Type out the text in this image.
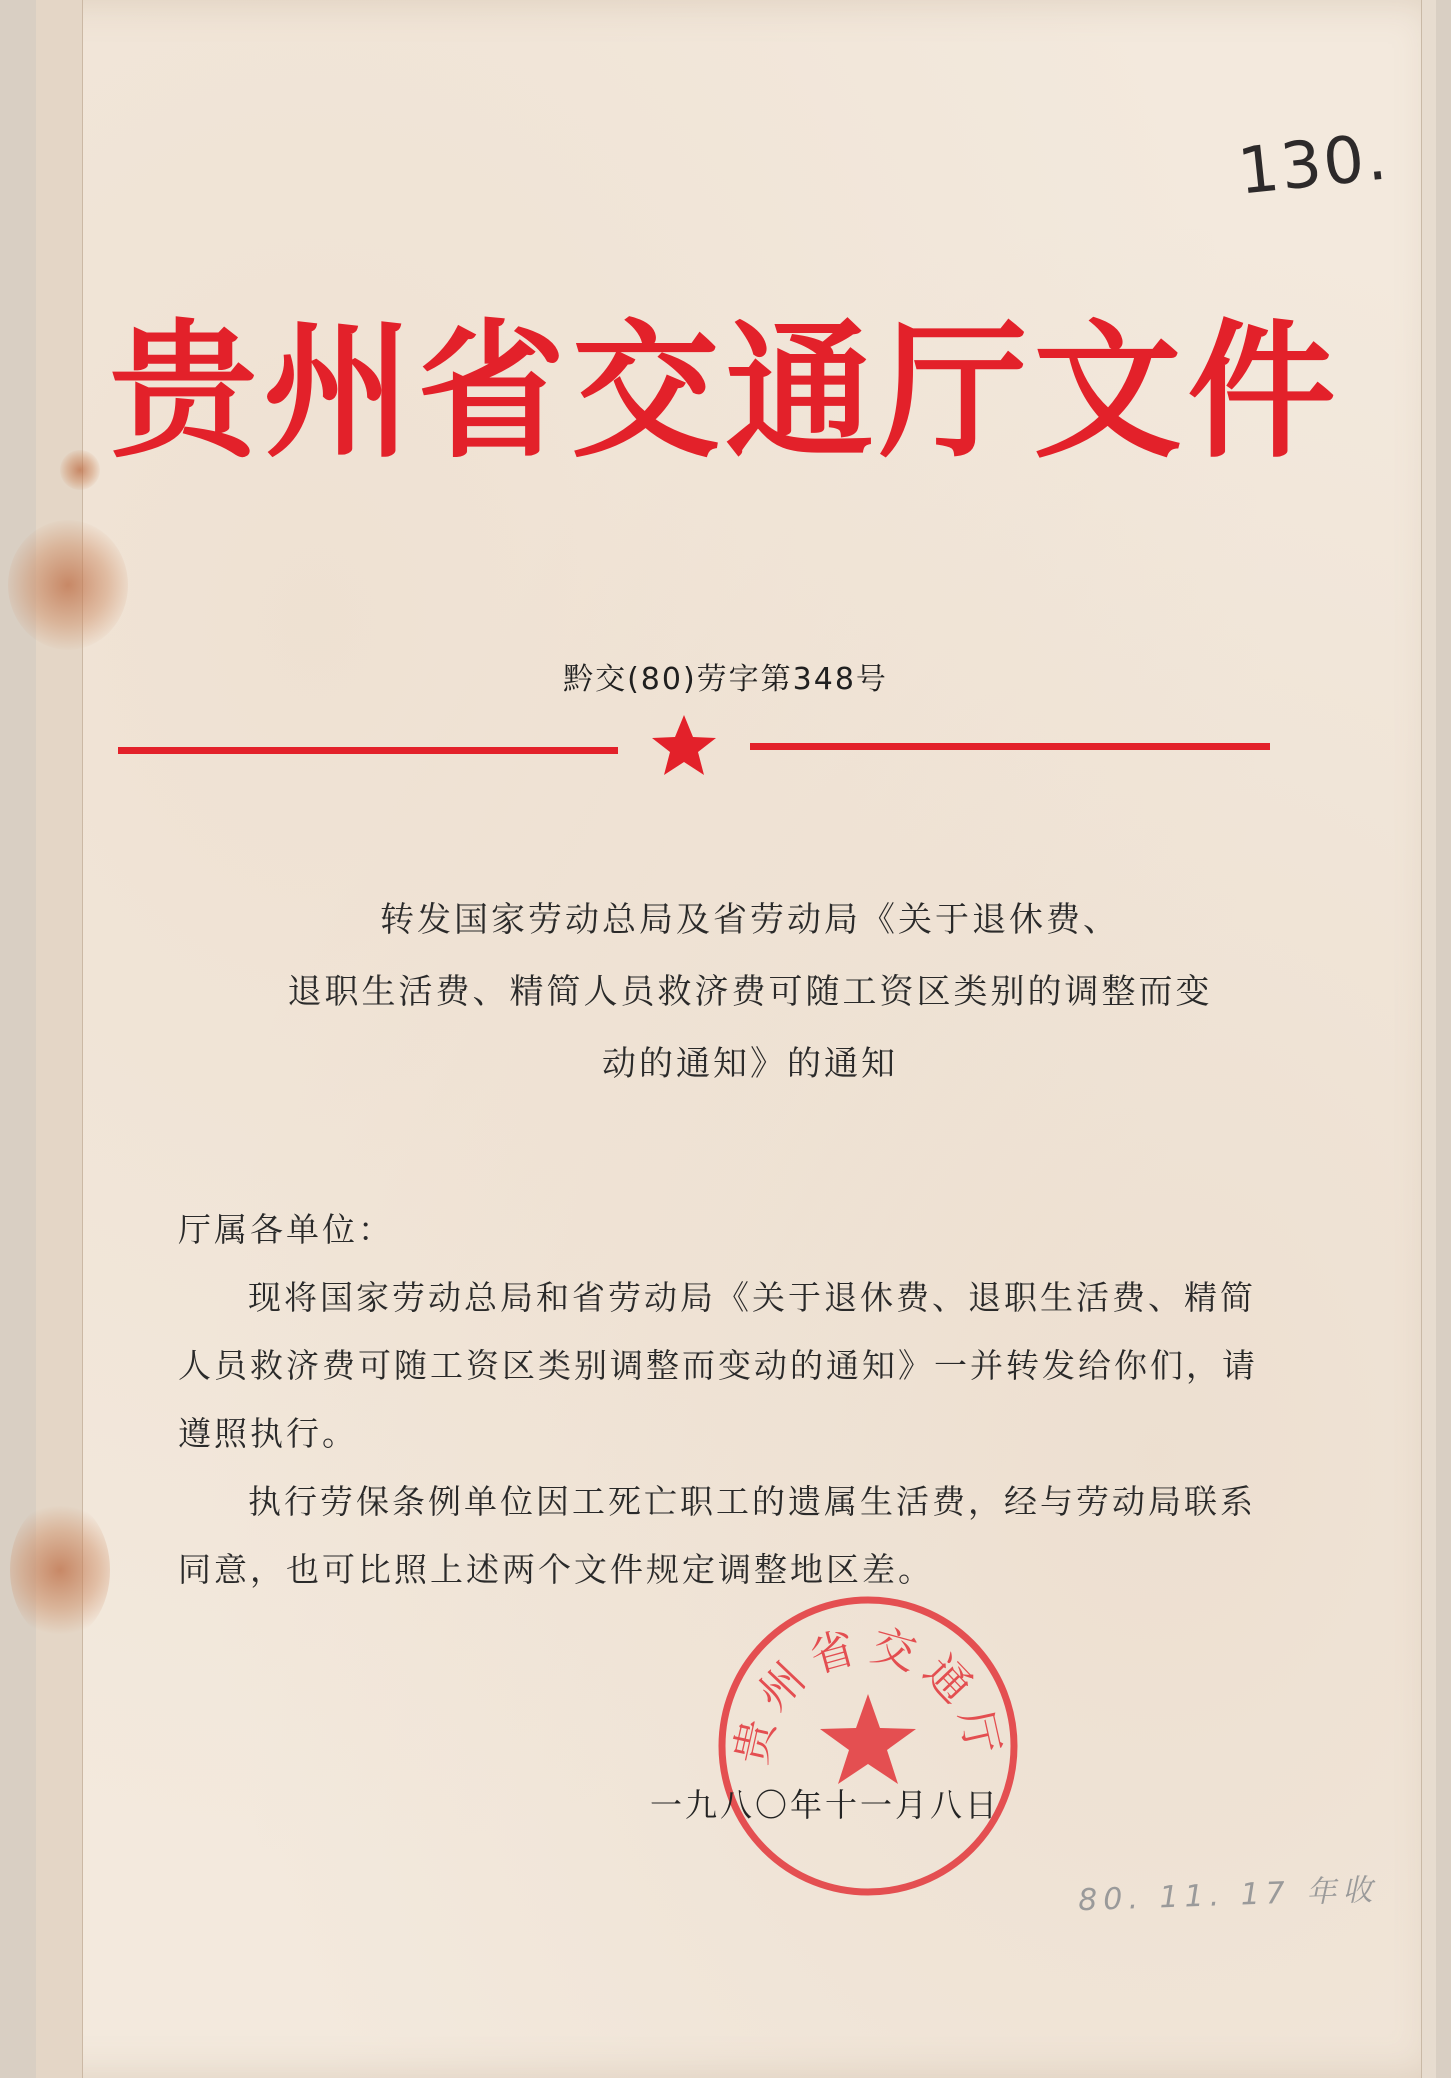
130.
贵州省交通厅文件
黔交(80)劳字第348号
转发国家劳动总局及省劳动局《关于退休费、
退职生活费、精简人员救济费可随工资区类别的调整而变
动的通知》的通知

厅属各单位：

现将国家劳动总局和省劳动局《关于退休费、退职生活费、精简人员救济费可随工资区类别调整而变动的通知》一并转发给你们，请遵照执行。

执行劳保条例单位因工死亡职工的遗属生活费，经与劳动局联系同意，也可比照上述两个文件规定调整地区差。

贵州省交通厅
一九八〇年十一月八日
80. 11. 17 年收
